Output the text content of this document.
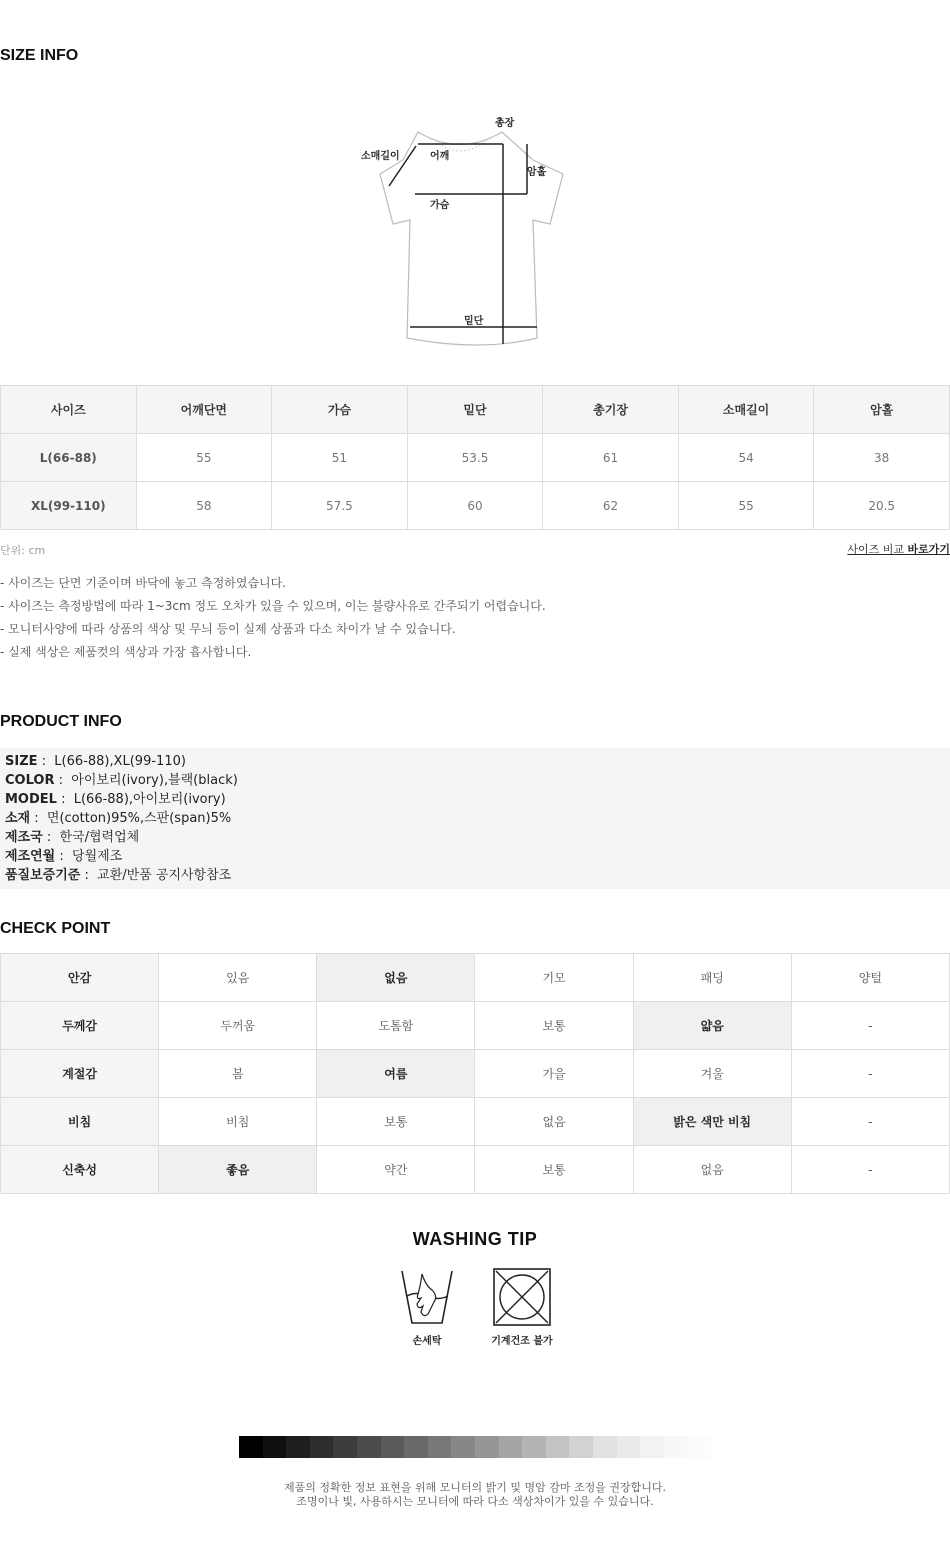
SIZE INFO
총장
소매길이	어깨
암홀
가슴
밑단
사이즈	어깨단면	가슴	밑단	총기장	소매길이	암홀
L(66-88)	55	51	53.5	61	54	38
XL(99-110)	58	57.5	60	62	55	20.5
단위: cm	사이즈 비교 바로가기
- 사이즈는 단면 기준이며 바닥에 놓고 측정하였습니다.
- 사이즈는 측정방법에 따라 1~3cm 정도 오차가 있을 수 있으며, 이는 불량사유로 간주되기 어렵습니다.
- 모니터사양에 따라 상품의 색상 및 무늬 등이 실제 상품과 다소 차이가 날 수 있습니다.
- 실제 색상은 제품컷의 색상과 가장 흡사합니다.
PRODUCT INFO
SIZE :  L(66-88),XL(99-110)
COLOR :  아이보리(ivory),블랙(black)
MODEL :  L(66-88),아이보리(ivory)
소재 :  면(cotton)95%,스판(span)5%
제조국 :  한국/협력업체
제조연월 :  당월제조
품질보증기준 :  교환/반품 공지사항참조
CHECK POINT
안감	있음	없음	기모	패딩	양털
두께감	두꺼움	도톰함	보통	얇음	-
계절감	봄	여름	가을	겨울	-
비침	비침	보통	없음	밝은 색만 비침	-
신축성	좋음	약간	보통	없음	-
WASHING TIP
손세탁	기계건조 불가
제품의 정확한 정보 표현을 위해 모니터의 밝기 및 명암 감마 조정을 권장합니다.
조명이나 빛, 사용하시는 모니터에 따라 다소 색상차이가 있을 수 있습니다.
